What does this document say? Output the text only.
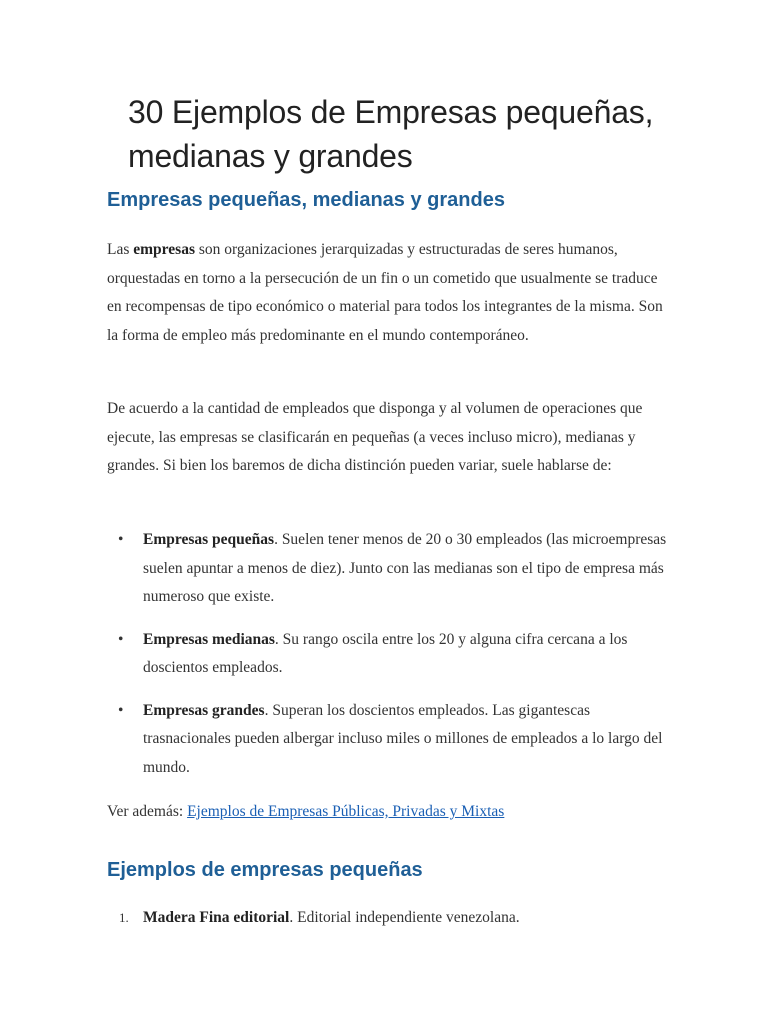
30 Ejemplos de Empresas pequeñas, medianas y grandes
Empresas pequeñas, medianas y grandes

Las empresas son organizaciones jerarquizadas y estructuradas de seres humanos, orquestadas en torno a la persecución de un fin o un cometido que usualmente se traduce en recompensas de tipo económico o material para todos los integrantes de la misma. Son la forma de empleo más predominante en el mundo contemporáneo.

De acuerdo a la cantidad de empleados que disponga y al volumen de operaciones que ejecute, las empresas se clasificarán en pequeñas (a veces incluso micro), medianas y grandes. Si bien los baremos de dicha distinción pueden variar, suele hablarse de:

• Empresas pequeñas. Suelen tener menos de 20 o 30 empleados (las microempresas suelen apuntar a menos de diez). Junto con las medianas son el tipo de empresa más numeroso que existe.
• Empresas medianas. Su rango oscila entre los 20 y alguna cifra cercana a los doscientos empleados.
• Empresas grandes. Superan los doscientos empleados. Las gigantescas trasnacionales pueden albergar incluso miles o millones de empleados a lo largo del mundo.

Ver además: Ejemplos de Empresas Públicas, Privadas y Mixtas

Ejemplos de empresas pequeñas
1. Madera Fina editorial. Editorial independiente venezolana.
